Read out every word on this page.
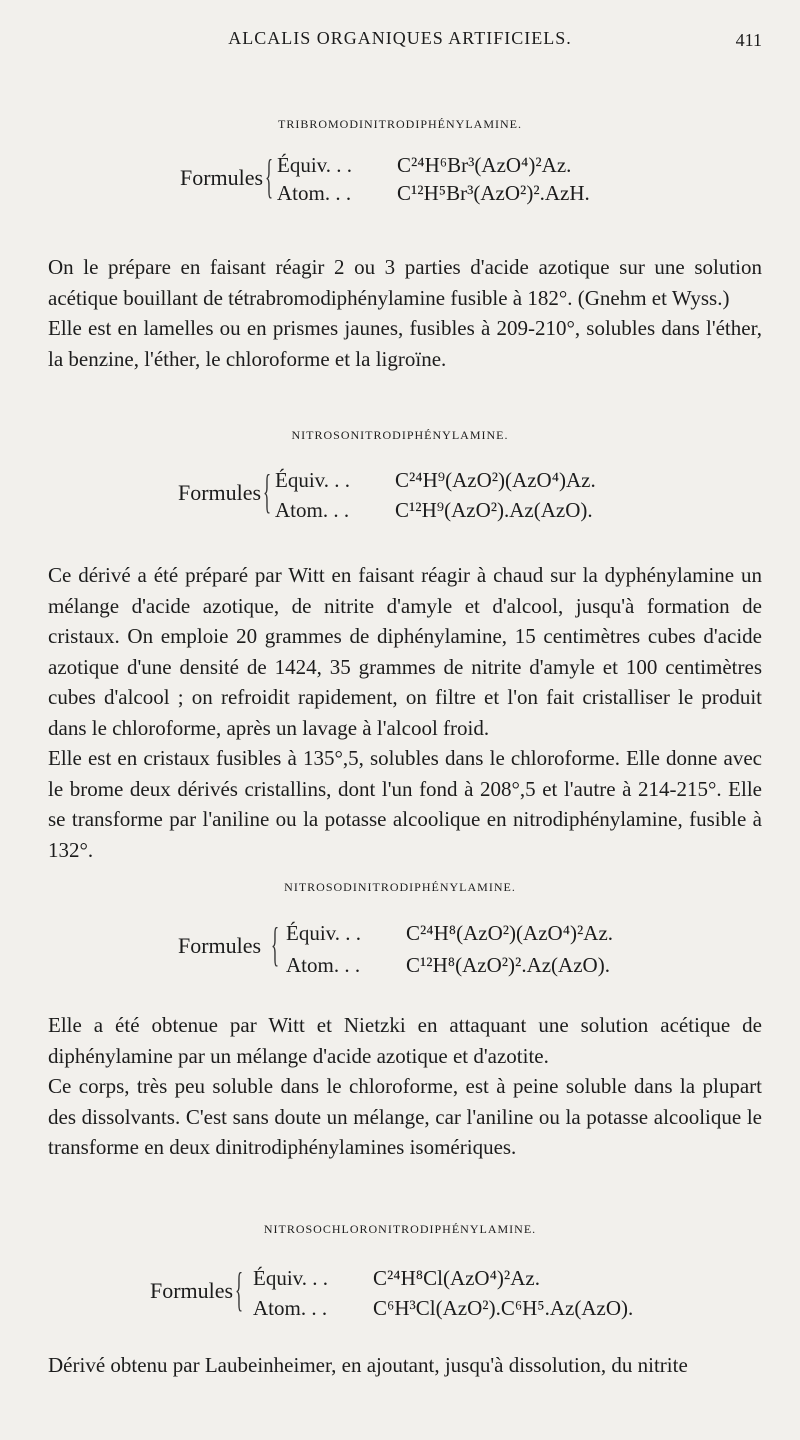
ALCALIS ORGANIQUES ARTIFICIELS.	411
TRIBROMODINITRODIPHÉNYLAMINE.
Formules { Équiv. . . C²⁴H⁶Br³(AzO⁴)²Az.
Atom. . . C¹²H⁵Br³(AzO²)².AzH.

On le prépare en faisant réagir 2 ou 3 parties d'acide azotique sur une solution acétique bouillant de tétrabromodiphénylamine fusible à 182°. (Gnehm et Wyss.)

Elle est en lamelles ou en prismes jaunes, fusibles à 209-210°, solubles dans l'éther, la benzine, l'éther, le chloroforme et la ligroïne.

NITROSONITRODIPHÉNYLAMINE.
Formules { Équiv. . . C²⁴H⁹(AzO²)(AzO⁴)Az.
Atom. . . C¹²H⁹(AzO²).Az(AzO).

Ce dérivé a été préparé par Witt en faisant réagir à chaud sur la dyphénylamine un mélange d'acide azotique, de nitrite d'amyle et d'alcool, jusqu'à formation de cristaux. On emploie 20 grammes de diphénylamine, 15 centimètres cubes d'acide azotique d'une densité de 1424, 35 grammes de nitrite d'amyle et 100 centimètres cubes d'alcool ; on refroidit rapidement, on filtre et l'on fait cristalliser le produit dans le chloroforme, après un lavage à l'alcool froid.

Elle est en cristaux fusibles à 135°,5, solubles dans le chloroforme. Elle donne avec le brome deux dérivés cristallins, dont l'un fond à 208°,5 et l'autre à 214-215°. Elle se transforme par l'aniline ou la potasse alcoolique en nitrodiphénylamine, fusible à 132°.

NITROSODINITRODIPHÉNYLAMINE.
Formules { Équiv. . . C²⁴H⁸(AzO²)(AzO⁴)²Az.
Atom. . . C¹²H⁸(AzO²)².Az(AzO).

Elle a été obtenue par Witt et Nietzki en attaquant une solution acétique de diphénylamine par un mélange d'acide azotique et d'azotite.

Ce corps, très peu soluble dans le chloroforme, est à peine soluble dans la plupart des dissolvants. C'est sans doute un mélange, car l'aniline ou la potasse alcoolique le transforme en deux dinitrodiphénylamines isomériques.

NITROSOCHLORONITRODIPHÉNYLAMINE.
Formules { Équiv. . . C²⁴H⁸Cl(AzO⁴)²Az.
Atom. . . C⁶H³Cl(AzO²).C⁶H⁵.Az(AzO).

Dérivé obtenu par Laubeinheimer, en ajoutant, jusqu'à dissolution, du nitrite
